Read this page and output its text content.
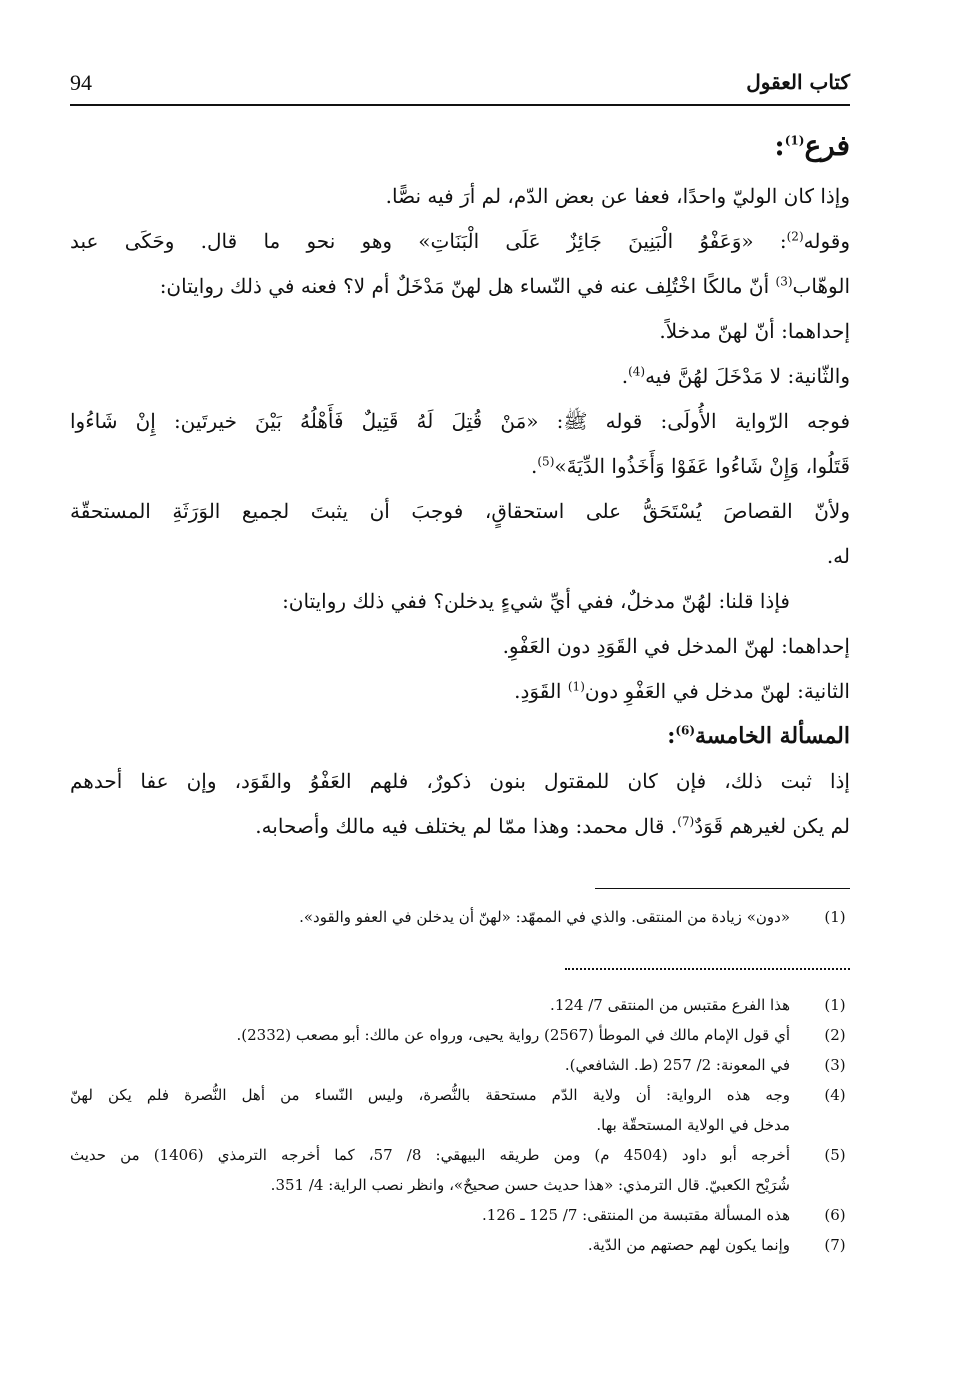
94	كتاب العقول
فرع$^{(1)}$:
وإذا كان الوليّ واحدًا، فعفا عن بعض الدّم، لم أرَ فيه نصًّا.
وقوله$^{(2)}$: «وَعَفْوُ الْبَنِينَ جَائِزٌ عَلَى الْبَنَاتِ» وهو نحو ما قال. وحَكَى عبد
الوهّاب$^{(3)}$ أنّ مالكًا اخْتُلِف عنه في النّساء هل لهنّ مَدْخَلٌ أم لا؟ فعنه في ذلك روايتان:
إحداهما: أنّ لهنّ مدخلاً.
والثّانية: لا مَدْخَلَ لهُنَّ فيه$^{(4)}$.
فوجه الرّواية الأُولَى: قوله ﷺ: «مَنْ قُتِلَ لَهُ قَتِيلٌ فَأَهْلُهُ بَيْنَ خيرتَين: إِنْ شَاءُوا
قَتَلُوا، وَإِنْ شَاءُوا عَفَوْا وَأَخَذُوا الدِّيَةَ»$^{(5)}$.
ولأنّ القصاصَ يُسْتَحَقُّ على استحقاقٍ، فوجبَ أن يثبتَ لجميع الوَرَثَةِ المستحقّة
له.
فإذا قلنا: لهُنّ مدخلٌ، ففي أيِّ شيءٍ يدخلن؟ ففي ذلك روايتان:
إحداهما: لهنّ المدخل في القَوَدِ دون العَفْوِ.
الثانية: لهنّ مدخل في العَفْوِ دون$^{(1)}$ القَوَدِ.
المسألة الخامسة$^{(6)}$:
إذا ثبت ذلك، فإن كان للمقتول بنون ذكورٌ، فلهم العَفْوُ والقَوَد، وإن عفا أحدهم
لم يكن لغيرهم قَوَدٌ$^{(7)}$. قال محمد: وهذا ممّا لم يختلف فيه مالك وأصحابه.
(1)
«دون» زيادة من المنتقى. والذي في الممهّد: «لهنّ أن يدخلن في العفو والقود».
(1)
هذا الفرع مقتبس من المنتقى 7/ 124.
(2)
أي قول الإمام مالك في الموطأ (2567) رواية يحيى، ورواه عن مالك: أبو مصعب (2332).
(3)
في المعونة: 2/ 257 (ط. الشافعي).
(4)
وجه هذه الرواية: أن ولاية الدّم مستحقة بالنُّصرة، وليس النّساء من أهل النُّصرة فلم يكن لهنّ
مدخل في الولاية المستحقّة بها.
(5)
أخرجه أبو داود (4504 م) ومن طريقه البيهقي: 8/ 57، كما أخرجه الترمذي (1406) من حديث
شُرَيْح الكعبيّ. قال الترمذي: «هذا حديث حسن صحيحٌ»، وانظر نصب الراية: 4/ 351.
(6)
هذه المسألة مقتبسة من المنتقى: 7/ 125 ـ 126.
(7)
وإنما يكون لهم حصتهم من الدّية.
